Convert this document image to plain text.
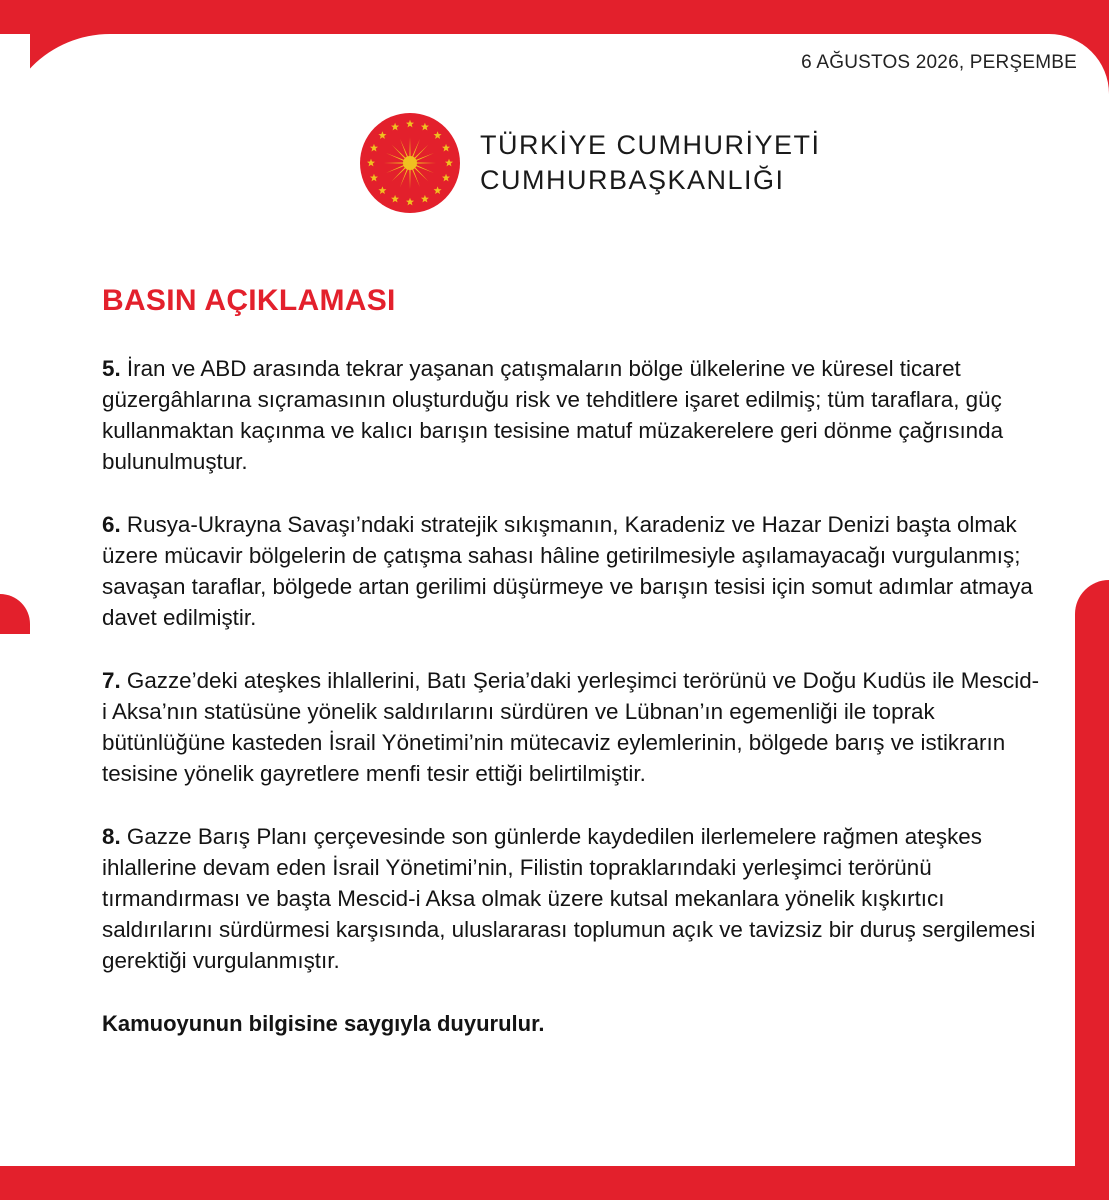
6 AĞUSTOS 2026, PERŞEMBE
TÜRKİYE CUMHURİYETİ
CUMHURBAŞKANLIĞI
BASIN AÇIKLAMASI

5. İran ve ABD arasında tekrar yaşanan çatışmaların bölge ülkelerine ve küresel ticaret güzergâhlarına sıçramasının oluşturduğu risk ve tehditlere işaret edilmiş; tüm taraflara, güç kullanmaktan kaçınma ve kalıcı barışın tesisine matuf müzakerelere geri dönme çağrısında bulunulmuştur.

6. Rusya-Ukrayna Savaşı’ndaki stratejik sıkışmanın, Karadeniz ve Hazar Denizi başta olmak üzere mücavir bölgelerin de çatışma sahası hâline getirilmesiyle aşılamayacağı vurgulanmış; savaşan taraflar, bölgede artan gerilimi düşürmeye ve barışın tesisi için somut adımlar atmaya davet edilmiştir.

7. Gazze’deki ateşkes ihlallerini, Batı Şeria’daki yerleşimci terörünü ve Doğu Kudüs ile Mescid-i Aksa’nın statüsüne yönelik saldırılarını sürdüren ve Lübnan’ın egemenliği ile toprak bütünlüğüne kasteden İsrail Yönetimi’nin mütecaviz eylemlerinin, bölgede barış ve istikrarın tesisine yönelik gayretlere menfi tesir ettiği belirtilmiştir.

8. Gazze Barış Planı çerçevesinde son günlerde kaydedilen ilerlemelere rağmen ateşkes ihlallerine devam eden İsrail Yönetimi’nin, Filistin topraklarındaki yerleşimci terörünü tırmandırması ve başta Mescid-i Aksa olmak üzere kutsal mekanlara yönelik kışkırtıcı saldırılarını sürdürmesi karşısında, uluslararası toplumun açık ve tavizsiz bir duruş sergilemesi gerektiği vurgulanmıştır.

Kamuoyunun bilgisine saygıyla duyurulur.
